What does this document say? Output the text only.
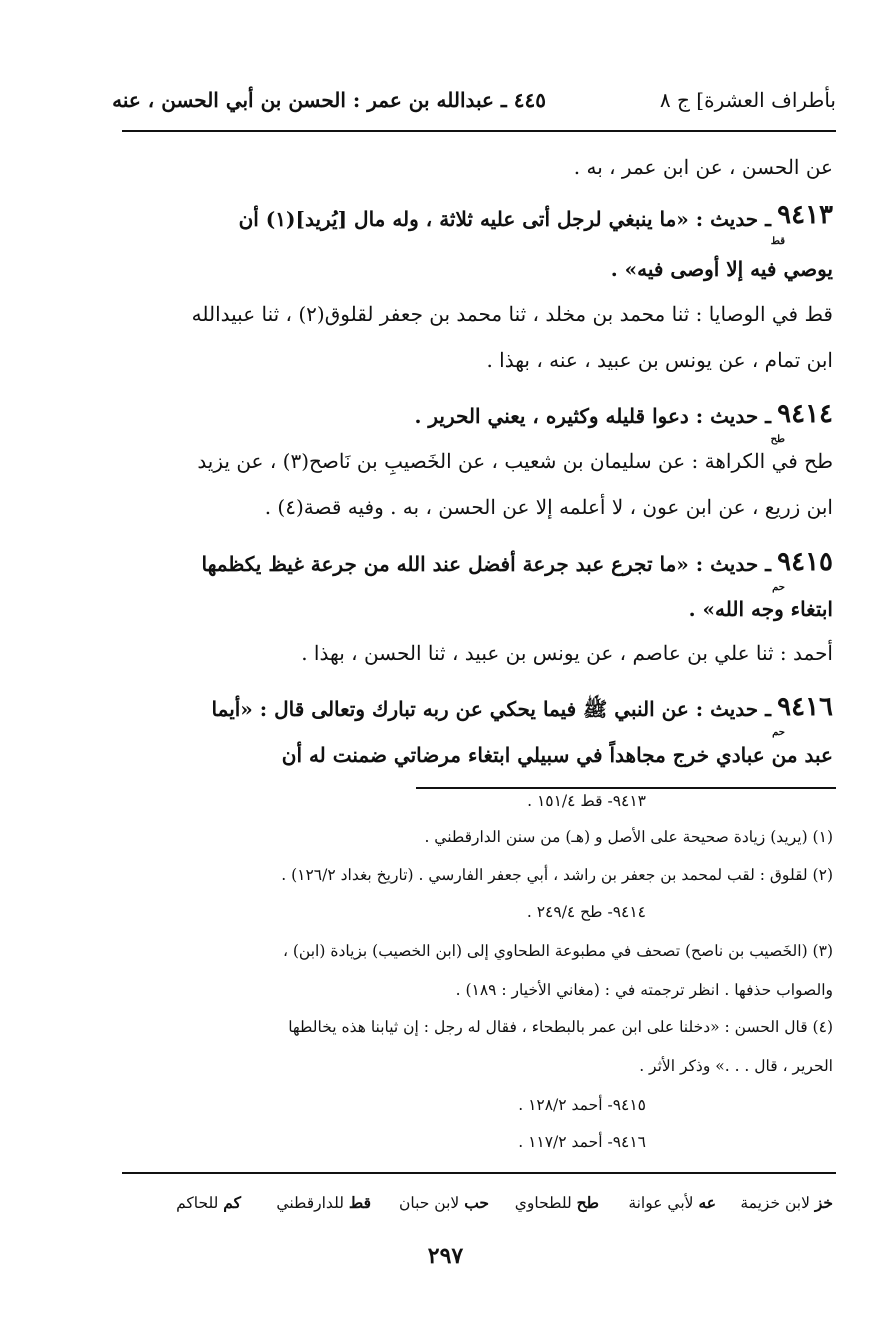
بأطراف العشرة] ج ٨
٤٤٥ ـ عبدالله بن عمر : الحسن بن أبي الحسن ، عنه
عن الحسن ، عن ابن عمر ، به .
٩٤١٣
قط
ـ حديث : «ما ينبغي لرجل أتى عليه ثلاثة ، وله مال [يُريد](١) أن
يوصي فيه إلا أوصى فيه» .
قط في الوصايا : ثنا محمد بن مخلد ، ثنا محمد بن جعفر لقلوق(٢) ، ثنا عبيدالله
ابن تمام ، عن يونس بن عبيد ، عنه ، بهذا .
٩٤١٤
طح
ـ حديث : دعوا قليله وكثيره ، يعني الحرير .
طح في الكراهة : عن سليمان بن شعيب ، عن الخَصيبِ بن نَاصح(٣) ، عن يزيد
ابن زريع ، عن ابن عون ، لا أعلمه إلا عن الحسن ، به . وفيه قصة(٤) .
٩٤١٥
حم
ـ حديث : «ما تجرع عبد جرعة أفضل عند الله من جرعة غيظ يكظمها
ابتغاء وجه الله» .
أحمد : ثنا علي بن عاصم ، عن يونس بن عبيد ، ثنا الحسن ، بهذا .
٩٤١٦
حم
ـ حديث : عن النبي ﷺ فيما يحكي عن ربه تبارك وتعالى قال : «أيما
عبد من عبادي خرج مجاهداً في سبيلي ابتغاء مرضاتي ضمنت له أن
٩٤١٣- قط ١٥١/٤ .
(١) (يريد) زيادة صحيحة على الأصل و (هـ) من سنن الدارقطني .
(٢) لقلوق : لقب لمحمد بن جعفر بن راشد ، أبي جعفر الفارسي . (تاريخ بغداد ١٢٦/٢) .
٩٤١٤- طح ٢٤٩/٤ .
(٣) (الخَصيب بن ناصح) تصحف في مطبوعة الطحاوي إلى (ابن الخصيب) بزيادة (ابن) ،
والصواب حذفها . انظر ترجمته في : (مغاني الأخيار : ١٨٩) .
(٤) قال الحسن : «دخلنا على ابن عمر بالبطحاء ، فقال له رجل : إن ثيابنا هذه يخالطها
الحرير ، قال . . .» وذكر الأثر .
٩٤١٥- أحمد ١٢٨/٢ .
٩٤١٦- أحمد ١١٧/٢ .
خز لابن خزيمة
عه لأبي عوانة
طح للطحاوي
حب لابن حبان
قط للدارقطني
كم للحاكم
٢٩٧
